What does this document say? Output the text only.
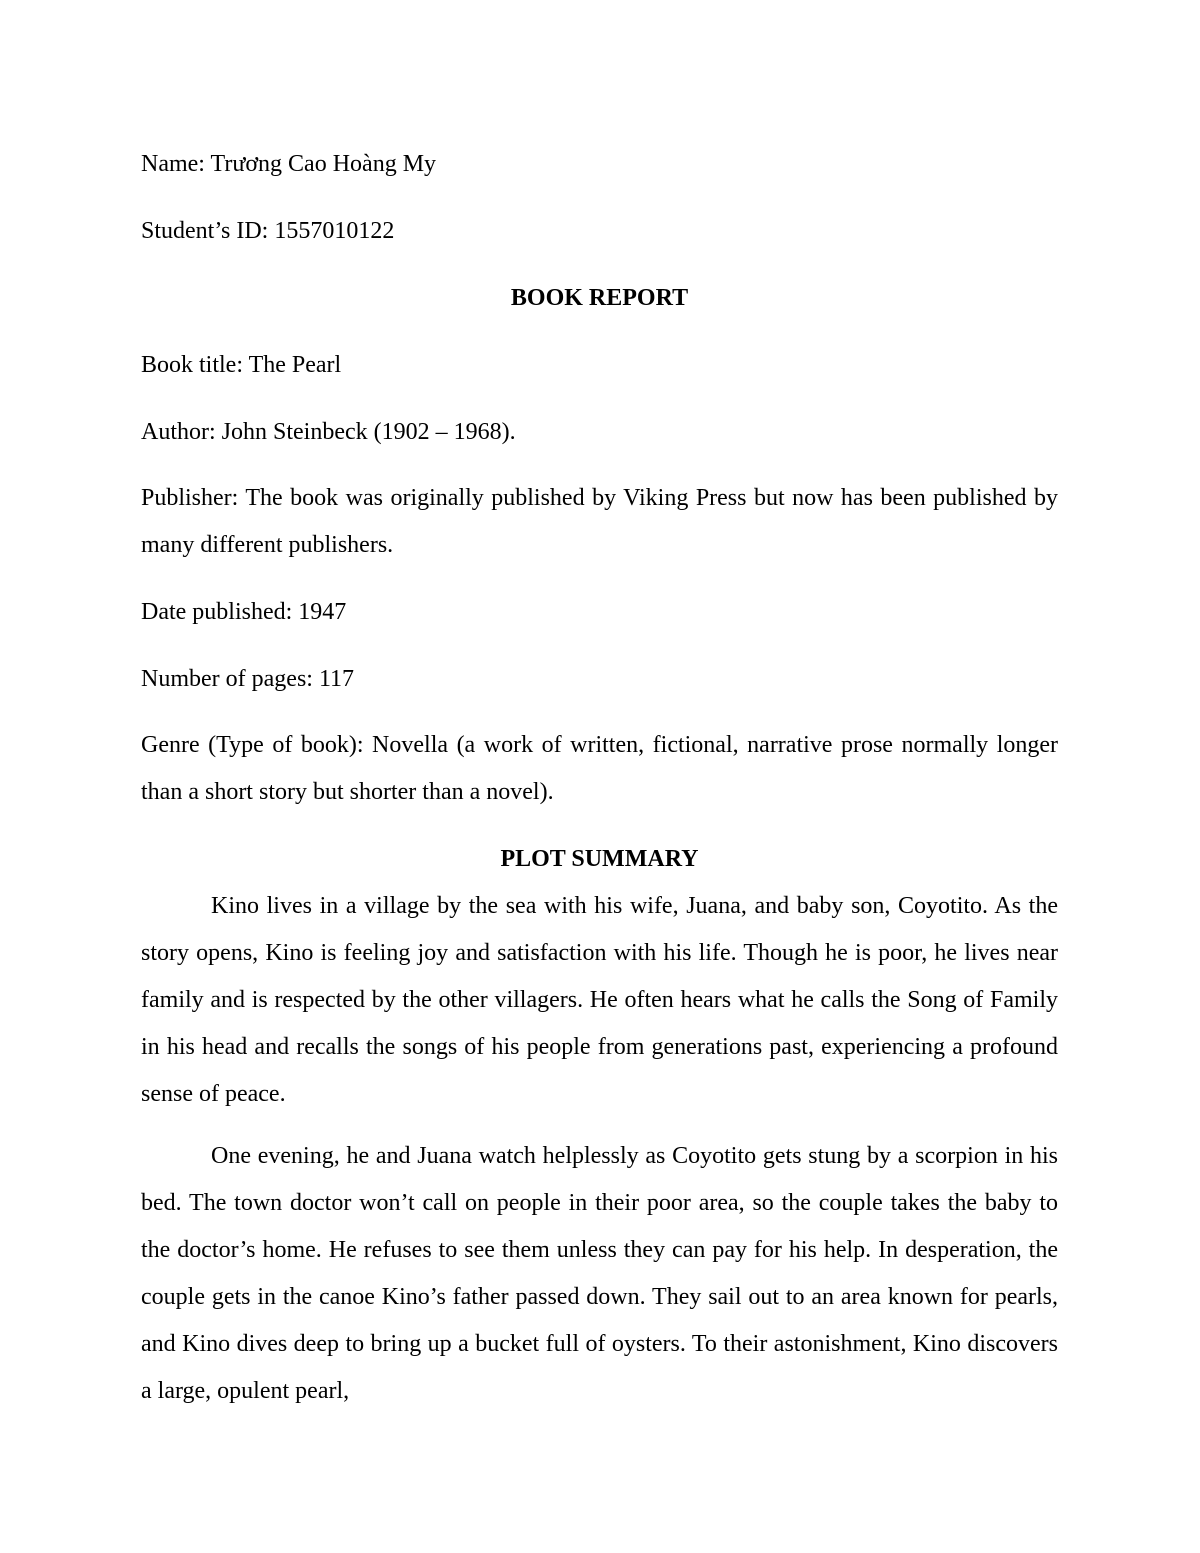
Name: Trương Cao Hoàng My

Student’s ID: 1557010122

BOOK REPORT

Book title: The Pearl

Author: John Steinbeck (1902 – 1968).

Publisher: The book was originally published by Viking Press but now has been published by many different publishers.

Date published: 1947

Number of pages: 117

Genre (Type of book): Novella (a work of written, fictional, narrative prose normally longer than a short story but shorter than a novel).

PLOT SUMMARY

Kino lives in a village by the sea with his wife, Juana, and baby son, Coyotito. As the story opens, Kino is feeling joy and satisfaction with his life. Though he is poor, he lives near family and is respected by the other villagers. He often hears what he calls the Song of Family in his head and recalls the songs of his people from generations past, experiencing a profound sense of peace.

One evening, he and Juana watch helplessly as Coyotito gets stung by a scorpion in his bed. The town doctor won’t call on people in their poor area, so the couple takes the baby to the doctor’s home. He refuses to see them unless they can pay for his help. In desperation, the couple gets in the canoe Kino’s father passed down. They sail out to an area known for pearls, and Kino dives deep to bring up a bucket full of oysters. To their astonishment, Kino discovers a large, opulent pearl,
